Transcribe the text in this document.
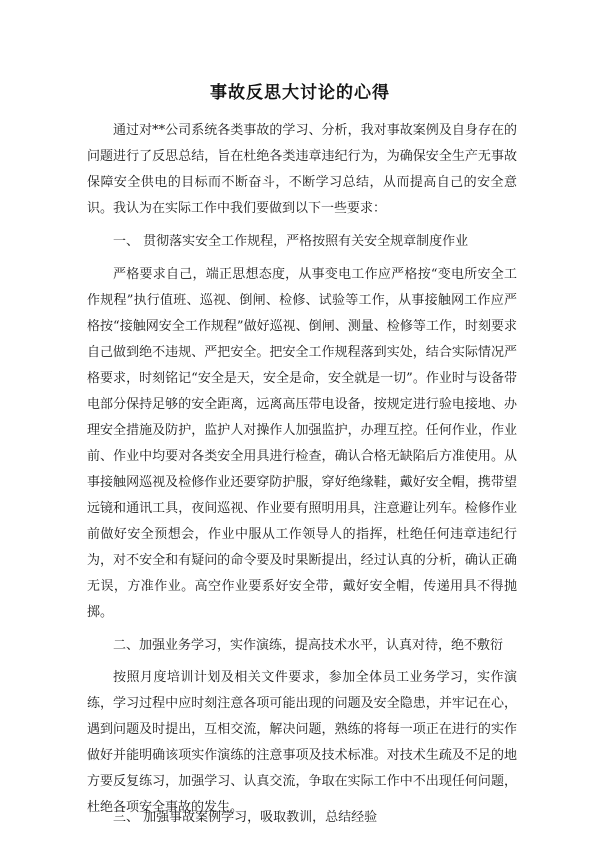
事故反思大讨论的心得

通过对**公司系统各类事故的学习、分析，我对事故案例及自身存在的问题进行了反思总结，旨在杜绝各类违章违纪行为，为确保安全生产无事故保障安全供电的目标而不断奋斗，不断学习总结，从而提高自己的安全意识。我认为在实际工作中我们要做到以下一些要求：

一、 贯彻落实安全工作规程，严格按照有关安全规章制度作业

严格要求自己，端正思想态度，从事变电工作应严格按“变电所安全工作规程”执行值班、巡视、倒闸、检修、试验等工作，从事接触网工作应严格按“接触网安全工作规程”做好巡视、倒闸、测量、检修等工作，时刻要求自己做到绝不违规、严把安全。把安全工作规程落到实处，结合实际情况严格要求，时刻铭记“安全是天，安全是命，安全就是一切”。作业时与设备带电部分保持足够的安全距离，远离高压带电设备，按规定进行验电接地、办理安全措施及防护，监护人对操作人加强监护，办理互控。任何作业，作业前、作业中均要对各类安全用具进行检查，确认合格无缺陷后方准使用。从事接触网巡视及检修作业还要穿防护服，穿好绝缘鞋，戴好安全帽，携带望远镜和通讯工具，夜间巡视、作业要有照明用具，注意避让列车。检修作业前做好安全预想会，作业中服从工作领导人的指挥，杜绝任何违章违纪行为，对不安全和有疑问的命令要及时果断提出，经过认真的分析，确认正确无误，方准作业。高空作业要系好安全带，戴好安全帽，传递用具不得抛掷。

二、加强业务学习，实作演练，提高技术水平，认真对待，绝不敷衍

按照月度培训计划及相关文件要求，参加全体员工业务学习，实作演练，学习过程中应时刻注意各项可能出现的问题及安全隐患，并牢记在心，遇到问题及时提出，互相交流，解决问题，熟练的将每一项正在进行的实作做好并能明确该项实作演练的注意事项及技术标准。对技术生疏及不足的地方要反复练习，加强学习、认真交流，争取在实际工作中不出现任何问题，杜绝各项安全事故的发生。

三、 加强事故案例学习，吸取教训，总结经验
